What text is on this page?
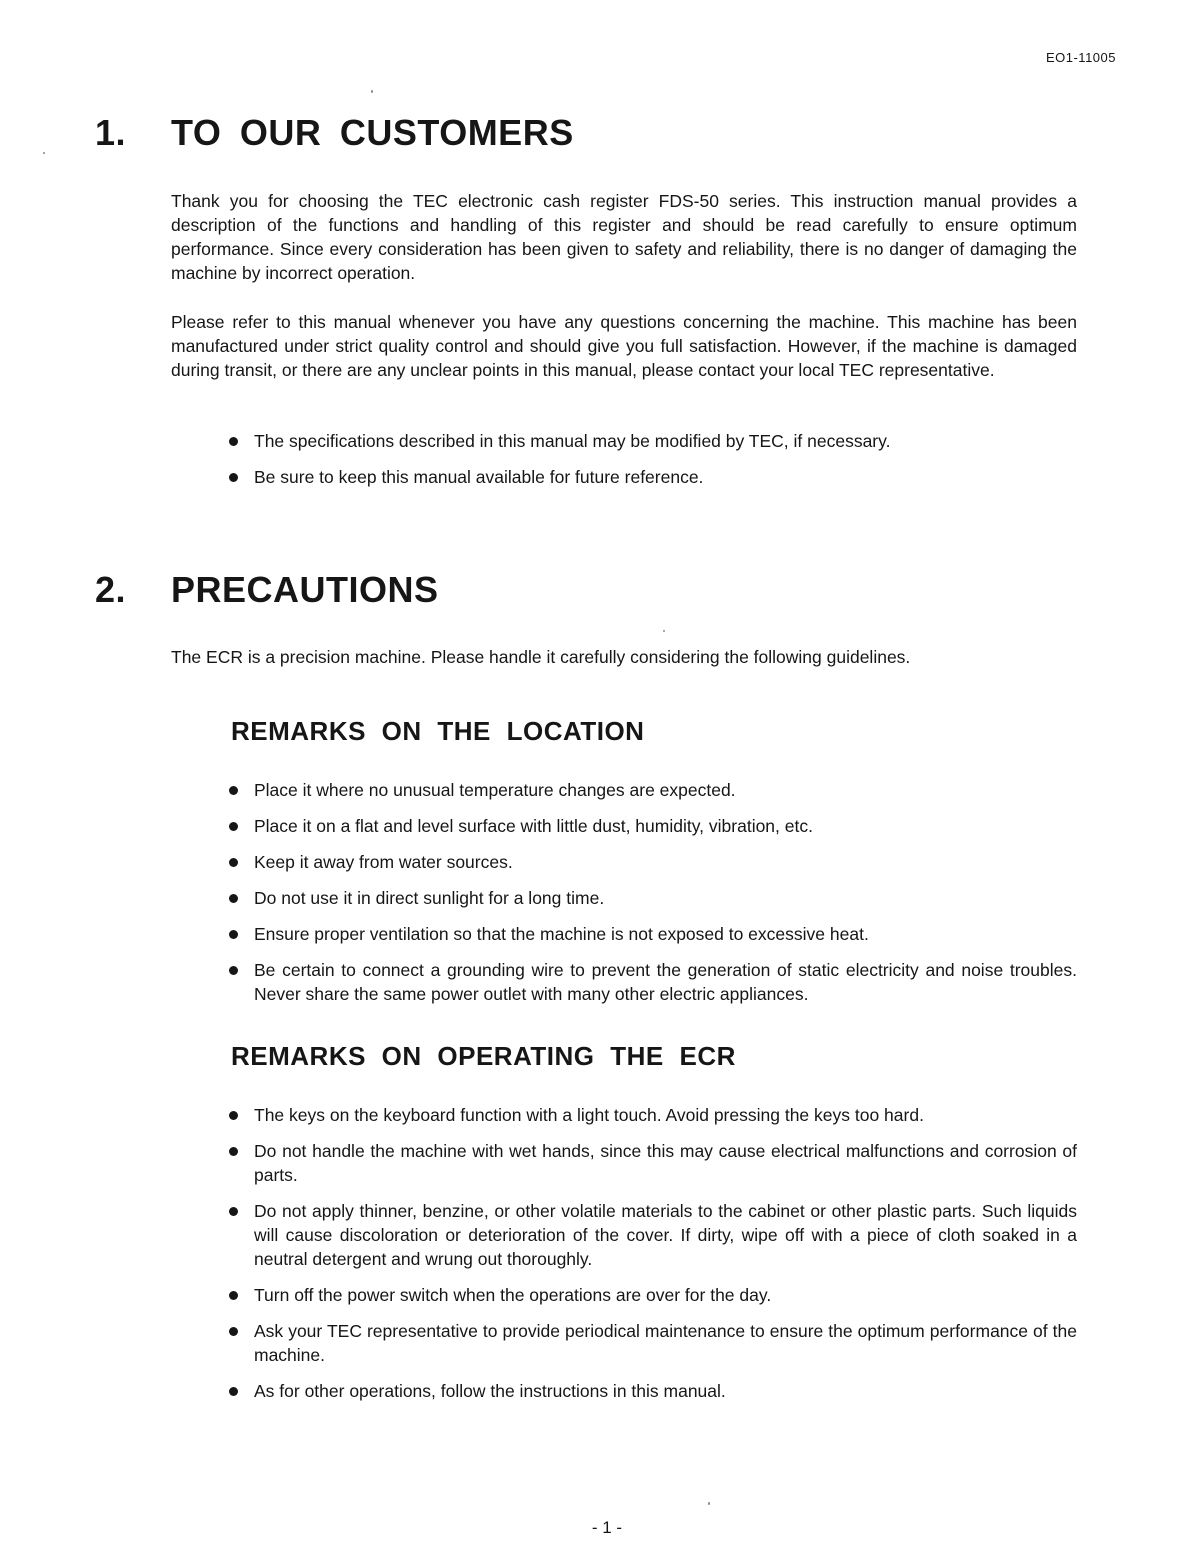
EO1-11005
1. TO OUR CUSTOMERS

Thank you for choosing the TEC electronic cash register FDS-50 series. This instruction manual provides a description of the functions and handling of this register and should be read carefully to ensure optimum performance. Since every consideration has been given to safety and reliability, there is no danger of damaging the machine by incorrect operation.

Please refer to this manual whenever you have any questions concerning the machine. This machine has been manufactured under strict quality control and should give you full satisfaction. However, if the machine is damaged during transit, or there are any unclear points in this manual, please contact your local TEC representative.

The specifications described in this manual may be modified by TEC, if necessary.
Be sure to keep this manual available for future reference.
2. PRECAUTIONS

The ECR is a precision machine. Please handle it carefully considering the following guidelines.

REMARKS ON THE LOCATION
Place it where no unusual temperature changes are expected.
Place it on a flat and level surface with little dust, humidity, vibration, etc.
Keep it away from water sources.
Do not use it in direct sunlight for a long time.
Ensure proper ventilation so that the machine is not exposed to excessive heat.
Be certain to connect a grounding wire to prevent the generation of static electricity and noise troubles. Never share the same power outlet with many other electric appliances.
REMARKS ON OPERATING THE ECR
The keys on the keyboard function with a light touch. Avoid pressing the keys too hard.
Do not handle the machine with wet hands, since this may cause electrical malfunctions and corrosion of parts.
Do not apply thinner, benzine, or other volatile materials to the cabinet or other plastic parts. Such liquids will cause discoloration or deterioration of the cover. If dirty, wipe off with a piece of cloth soaked in a neutral detergent and wrung out thoroughly.
Turn off the power switch when the operations are over for the day.
Ask your TEC representative to provide periodical maintenance to ensure the optimum performance of the machine.
As for other operations, follow the instructions in this manual.
- 1 -
